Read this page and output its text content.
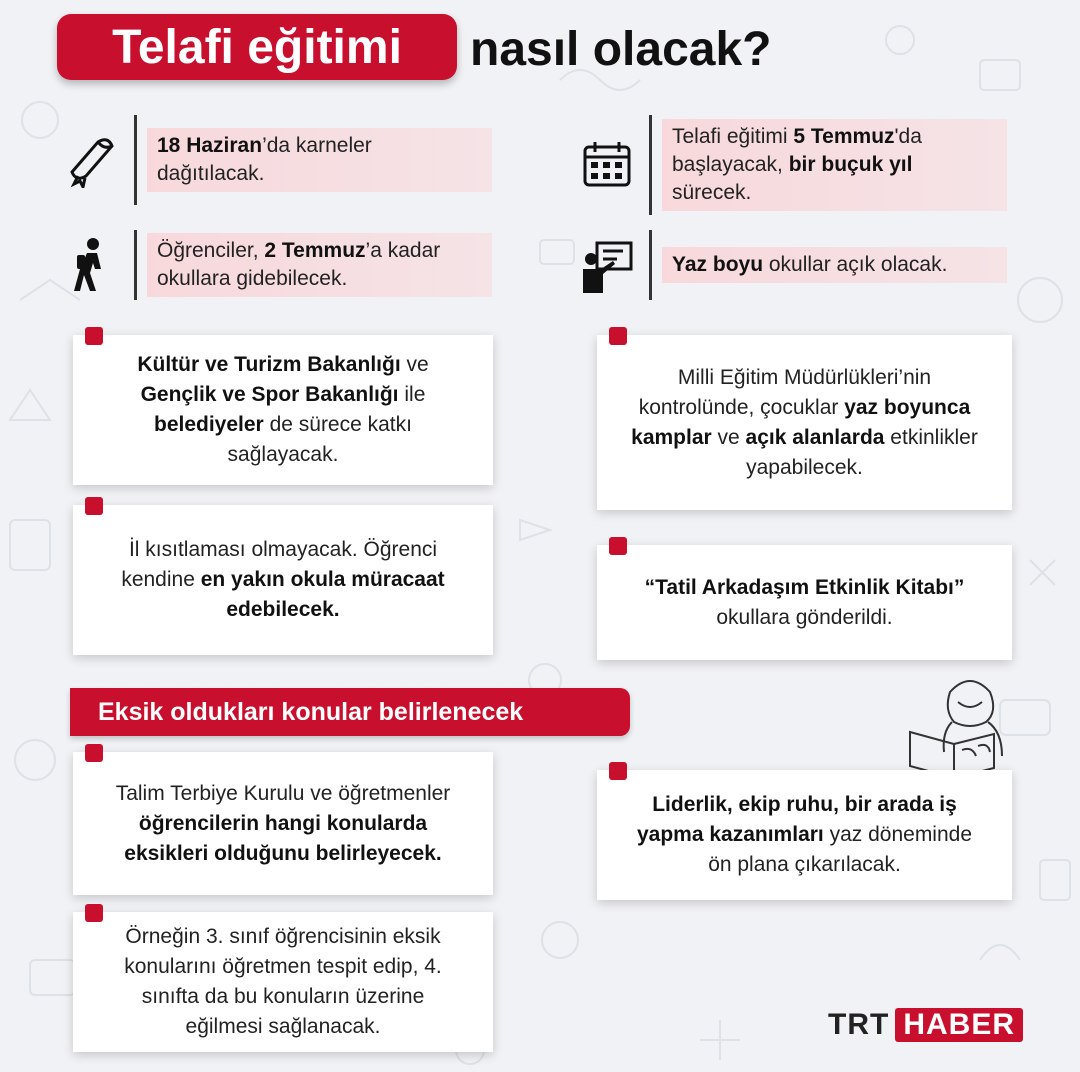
Telafi eğitimi	nasıl olacak?
18 Haziran’da karneler dağıtılacak.
Telafi eğitimi 5 Temmuz'da başlayacak, bir buçuk yıl sürecek.
Öğrenciler, 2 Temmuz’a kadar okullara gidebilecek.
Yaz boyu okullar açık olacak.
Kültür ve Turizm Bakanlığı ve Gençlik ve Spor Bakanlığı ile belediyeler de sürece katkı sağlayacak.
Milli Eğitim Müdürlükleri’nin kontrolünde, çocuklar yaz boyunca kamplar ve açık alanlarda etkinlikler yapabilecek.
İl kısıtlaması olmayacak. Öğrenci kendine en yakın okula müracaat edebilecek.
“Tatil Arkadaşım Etkinlik Kitabı” okullara gönderildi.
Eksik oldukları konular belirlenecek
Talim Terbiye Kurulu ve öğretmenler öğrencilerin hangi konularda eksikleri olduğunu belirleyecek.
Liderlik, ekip ruhu, bir arada iş yapma kazanımları yaz döneminde ön plana çıkarılacak.
Örneğin 3. sınıf öğrencisinin eksik konularını öğretmen tespit edip, 4. sınıfta da bu konuların üzerine eğilmesi sağlanacak.	TRT HABER
